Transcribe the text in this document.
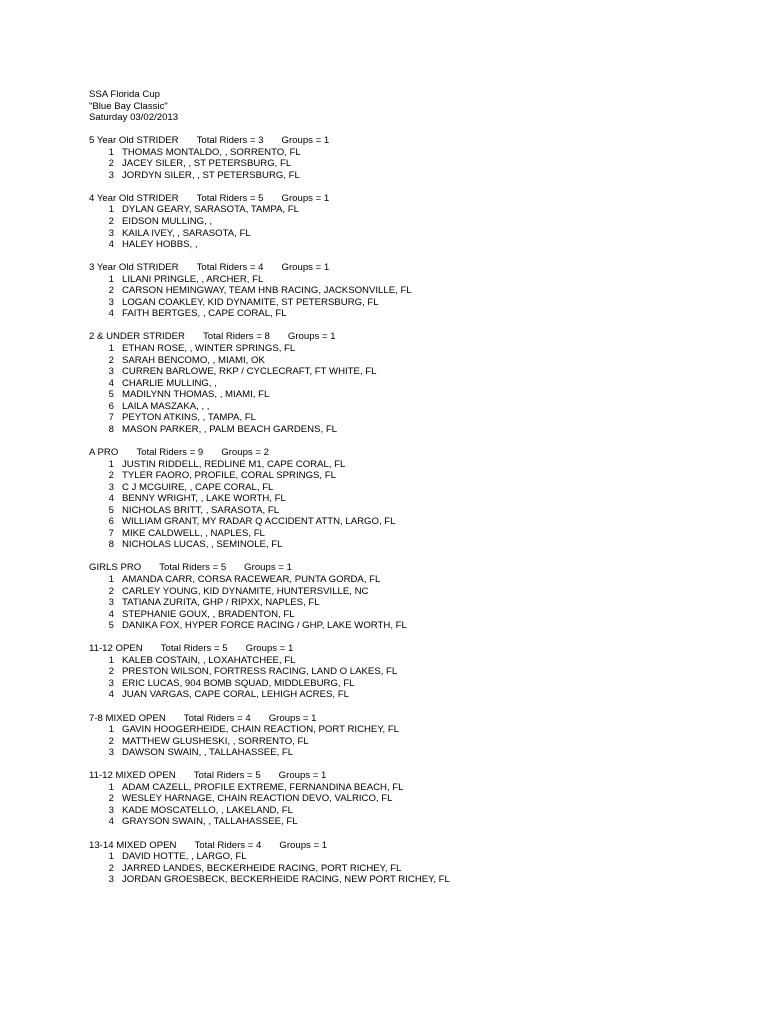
SSA Florida Cup
"Blue Bay Classic"
Saturday 03/02/2013
5 Year Old STRIDER Total Riders = 3 Groups = 1
1 THOMAS MONTALDO, , SORRENTO, FL
2 JACEY SILER, , ST PETERSBURG, FL
3 JORDYN SILER, , ST PETERSBURG, FL
4 Year Old STRIDER Total Riders = 5 Groups = 1
1 DYLAN GEARY, SARASOTA, TAMPA, FL
2 EIDSON MULLING, ,
3 KAILA IVEY, , SARASOTA, FL
4 HALEY HOBBS, ,
3 Year Old STRIDER Total Riders = 4 Groups = 1
1 LILANI PRINGLE, , ARCHER, FL
2 CARSON HEMINGWAY, TEAM HNB RACING, JACKSONVILLE, FL
3 LOGAN COAKLEY, KID DYNAMITE, ST PETERSBURG, FL
4 FAITH BERTGES, , CAPE CORAL, FL
2 & UNDER STRIDER Total Riders = 8 Groups = 1
1 ETHAN ROSE, , WINTER SPRINGS, FL
2 SARAH BENCOMO, , MIAMI, OK
3 CURREN BARLOWE, RKP / CYCLECRAFT, FT WHITE, FL
4 CHARLIE MULLING, ,
5 MADILYNN THOMAS, , MIAMI, FL
6 LAILA MASZAKA, , ,
7 PEYTON ATKINS, , TAMPA, FL
8 MASON PARKER, , PALM BEACH GARDENS, FL
A PRO Total Riders = 9 Groups = 2
1 JUSTIN RIDDELL, REDLINE M1, CAPE CORAL, FL
2 TYLER FAORO, PROFILE, CORAL SPRINGS, FL
3 C J MCGUIRE, , CAPE CORAL, FL
4 BENNY WRIGHT, , LAKE WORTH, FL
5 NICHOLAS BRITT, , SARASOTA, FL
6 WILLIAM GRANT, MY RADAR Q ACCIDENT ATTN, LARGO, FL
7 MIKE CALDWELL, , NAPLES, FL
8 NICHOLAS LUCAS, , SEMINOLE, FL
GIRLS PRO Total Riders = 5 Groups = 1
1 AMANDA CARR, CORSA RACEWEAR, PUNTA GORDA, FL
2 CARLEY YOUNG, KID DYNAMITE, HUNTERSVILLE, NC
3 TATIANA ZURITA, GHP / RIPXX, NAPLES, FL
4 STEPHANIE GOUX, , BRADENTON, FL
5 DANIKA FOX, HYPER FORCE RACING / GHP, LAKE WORTH, FL
11-12 OPEN Total Riders = 5 Groups = 1
1 KALEB COSTAIN, , LOXAHATCHEE, FL
2 PRESTON WILSON, FORTRESS RACING, LAND O LAKES, FL
3 ERIC LUCAS, 904 BOMB SQUAD, MIDDLEBURG, FL
4 JUAN VARGAS, CAPE CORAL, LEHIGH ACRES, FL
7-8 MIXED OPEN Total Riders = 4 Groups = 1
1 GAVIN HOOGERHEIDE, CHAIN REACTION, PORT RICHEY, FL
2 MATTHEW GLUSHESKI, , SORRENTO, FL
3 DAWSON SWAIN, , TALLAHASSEE, FL
11-12 MIXED OPEN Total Riders = 5 Groups = 1
1 ADAM CAZELL, PROFILE EXTREME, FERNANDINA BEACH, FL
2 WESLEY HARNAGE, CHAIN REACTION DEVO, VALRICO, FL
3 KADE MOSCATELLO, , LAKELAND, FL
4 GRAYSON SWAIN, , TALLAHASSEE, FL
13-14 MIXED OPEN Total Riders = 4 Groups = 1
1 DAVID HOTTE, , LARGO, FL
2 JARRED LANDES, BECKERHEIDE RACING, PORT RICHEY, FL
3 JORDAN GROESBECK, BECKERHEIDE RACING, NEW PORT RICHEY, FL
